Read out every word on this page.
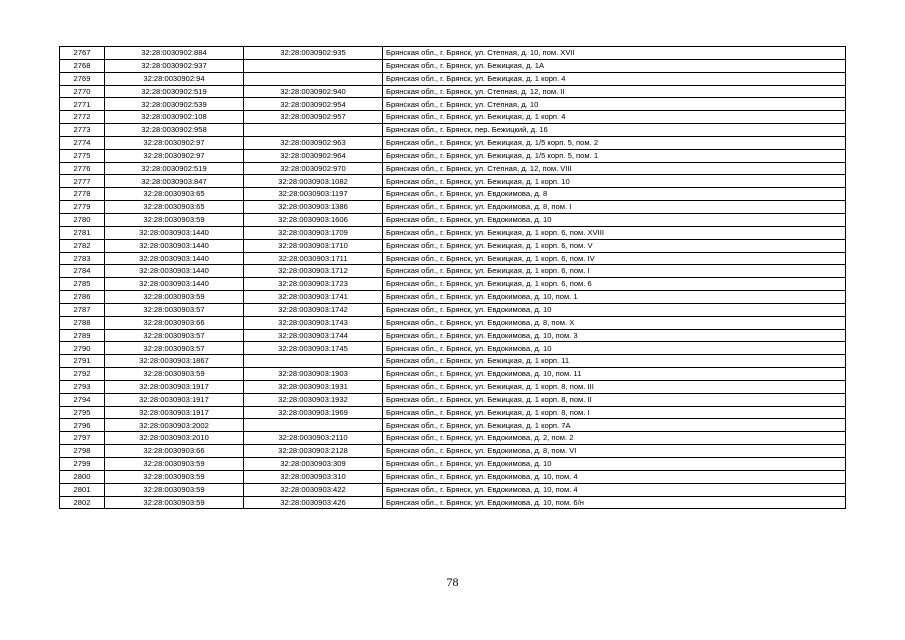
2767	32:28:0030902:884	32:28:0030902:935	Брянская обл., г. Брянск, ул. Степная, д. 10, пом. XVII
2768	32:28:0030902:937		Брянская обл., г. Брянск, ул. Бежицкая, д. 1А
2769	32:28:0030902:94		Брянская обл., г. Брянск, ул. Бежицкая, д. 1 корп. 4
2770	32:28:0030902:519	32:28:0030902:940	Брянская обл., г. Брянск, ул. Степная, д. 12, пом. II
2771	32:28:0030902:539	32:28:0030902:954	Брянская обл., г. Брянск, ул. Степная, д. 10
2772	32:28:0030902:108	32:28:0030902:957	Брянская обл., г. Брянск, ул. Бежицкая, д. 1 корп. 4
2773	32:28:0030902:958		Брянская обл., г. Брянск, пер. Бежицкий, д. 16
2774	32:28:0030902:97	32:28:0030902:963	Брянская обл., г. Брянск, ул. Бежицкая, д. 1/5 корп. 5, пом. 2
2775	32:28:0030902:97	32:28:0030902:964	Брянская обл., г. Брянск, ул. Бежицкая, д. 1/5 корп. 5, пом. 1
2776	32:28:0030902:519	32:28:0030902:970	Брянская обл., г. Брянск, ул. Степная, д. 12, пом. VIII
2777	32:28:0030903:847	32:28:0030903:1082	Брянская обл., г. Брянск, ул. Бежицкая, д. 1 корп. 10
2778	32:28:0030903:65	32:28:0030903:1197	Брянская обл., г. Брянск, ул. Евдокимова, д. 8
2779	32:28:0030903:65	32:28:0030903:1386	Брянская обл., г. Брянск, ул. Евдокимова, д. 8, пом. I
2780	32:28:0030903:59	32:28:0030903:1606	Брянская обл., г. Брянск, ул. Евдокимова, д. 10
2781	32:28:0030903:1440	32:28:0030903:1709	Брянская обл., г. Брянск, ул. Бежицкая, д. 1 корп. 6, пом. XVIII
2782	32:28:0030903:1440	32:28:0030903:1710	Брянская обл., г. Брянск, ул. Бежицкая, д. 1 корп. 6, пом. V
2783	32:28:0030903:1440	32:28:0030903:1711	Брянская обл., г. Брянск, ул. Бежицкая, д. 1 корп. 6, пом. IV
2784	32:28:0030903:1440	32:28:0030903:1712	Брянская обл., г. Брянск, ул. Бежицкая, д. 1 корп. 6, пом. I
2785	32:28:0030903:1440	32:28:0030903:1723	Брянская обл., г. Брянск, ул. Бежицкая, д. 1 корп. 6, пом. 6
2786	32:28:0030903:59	32:28:0030903:1741	Брянская обл., г. Брянск, ул. Евдокимова, д. 10, пом. 1
2787	32:28:0030903:57	32:28:0030903:1742	Брянская обл., г. Брянск, ул. Евдокимова, д. 10
2788	32:28:0030903:66	32:28:0030903:1743	Брянская обл., г. Брянск, ул. Евдокимова, д. 8, пом. X
2789	32:28:0030903:57	32:28:0030903:1744	Брянская обл., г. Брянск, ул. Евдокимова, д. 10, пом. 3
2790	32:28:0030903:57	32:28:0030903:1745	Брянская обл., г. Брянск, ул. Евдокимова, д. 10
2791	32:28:0030903:1867		Брянская обл., г. Брянск, ул. Бежицкая, д. 1 корп. 11
2792	32:28:0030903:59	32:28:0030903:1903	Брянская обл., г. Брянск, ул. Евдокимова, д. 10, пом. 11
2793	32:28:0030903:1917	32:28:0030903:1931	Брянская обл., г. Брянск, ул. Бежицкая, д. 1 корп. 8, пом. III
2794	32:28:0030903:1917	32:28:0030903:1932	Брянская обл., г. Брянск, ул. Бежицкая, д. 1 корп. 8, пом. II
2795	32:28:0030903:1917	32:28:0030903:1969	Брянская обл., г. Брянск, ул. Бежицкая, д. 1 корп. 8, пом. I
2796	32:28:0030903:2002		Брянская обл., г. Брянск, ул. Бежицкая, д. 1 корп. 7А
2797	32:28:0030903:2010	32:28:0030903:2110	Брянская обл., г. Брянск, ул. Евдокимова, д. 2, пом. 2
2798	32:28:0030903:66	32:28:0030903:2128	Брянская обл., г. Брянск, ул. Евдокимова, д. 8, пом. VI
2799	32:28:0030903:59	32:28:0030903:309	Брянская обл., г. Брянск, ул. Евдокимова, д. 10
2800	32:28:0030903:59	32:28:0030903:310	Брянская обл., г. Брянск, ул. Евдокимова, д. 10, пом. 4
2801	32:28:0030903:59	32:28:0030903:422	Брянская обл., г. Брянск, ул. Евдокимова, д. 10, пом. 4
2802	32:28:0030903:59	32:28:0030903:426	Брянская обл., г. Брянск, ул. Евдокимова, д. 10, пом. 6/н
78
